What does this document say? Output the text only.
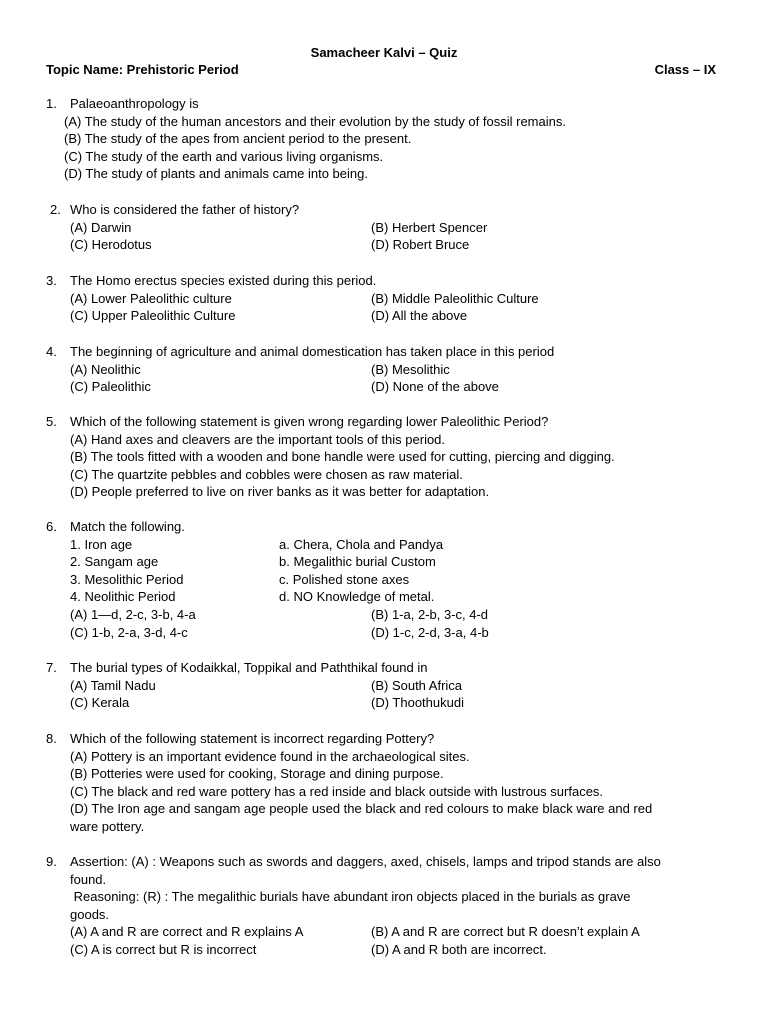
Samacheer Kalvi – Quiz
Topic Name: Prehistoric Period	Class – IX
1. Palaeoanthropology is
(A) The study of the human ancestors and their evolution by the study of fossil remains.
(B) The study of the apes from ancient period to the present.
(C) The study of the earth and various living organisms.
(D) The study of plants and animals came into being.
2. Who is considered the father of history?
(A) Darwin	(B) Herbert Spencer
(C) Herodotus	(D) Robert Bruce
3. The Homo erectus species existed during this period.
(A) Lower Paleolithic culture	(B) Middle Paleolithic Culture
(C) Upper Paleolithic Culture	(D) All the above
4. The beginning of agriculture and animal domestication has taken place in this period
(A) Neolithic	(B) Mesolithic
(C) Paleolithic	(D) None of the above
5. Which of the following statement is given wrong regarding lower Paleolithic Period?
(A) Hand axes and cleavers are the important tools of this period.
(B) The tools fitted with a wooden and bone handle were used for cutting, piercing and digging.
(C) The quartzite pebbles and cobbles were chosen as raw material.
(D) People preferred to live on river banks as it was better for adaptation.
6. Match the following.
1. Iron age	a. Chera, Chola and Pandya
2. Sangam age	b. Megalithic burial Custom
3. Mesolithic Period	c. Polished stone axes
4. Neolithic Period	d. NO Knowledge of metal.
(A) 1—d, 2-c, 3-b, 4-a	(B) 1-a, 2-b, 3-c, 4-d
(C) 1-b, 2-a, 3-d, 4-c	(D) 1-c, 2-d, 3-a, 4-b
7. The burial types of Kodaikkal, Toppikal and Paththikal found in
(A) Tamil Nadu	(B) South Africa
(C) Kerala	(D) Thoothukudi
8. Which of the following statement is incorrect regarding Pottery?
(A) Pottery is an important evidence found in the archaeological sites.
(B) Potteries were used for cooking, Storage and dining purpose.
(C) The black and red ware pottery has a red inside and black outside with lustrous surfaces.
(D) The Iron age and sangam age people used the black and red colours to make black ware and red
ware pottery.
9. Assertion: (A) : Weapons such as swords and daggers, axed, chisels, lamps and tripod stands are also
found.
Reasoning: (R) : The megalithic burials have abundant iron objects placed in the burials as grave
goods.
(A) A and R are correct and R explains A	(B) A and R are correct but R doesn’t explain A
(C) A is correct but R is incorrect	(D) A and R both are incorrect.
